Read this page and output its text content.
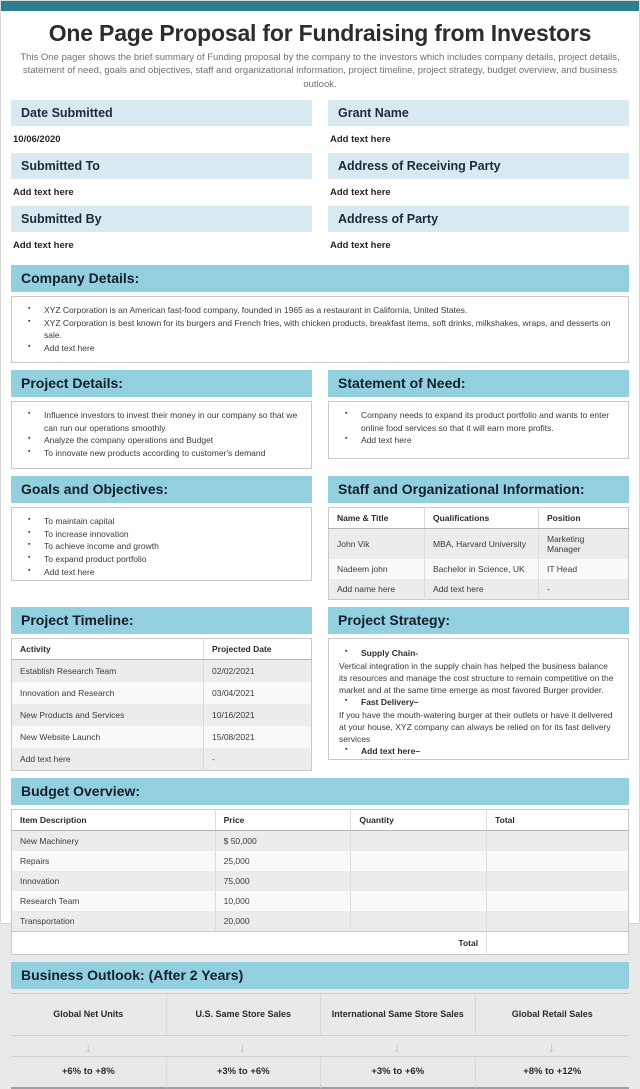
One Page Proposal for Fundraising from Investors
This One pager shows the brief summary of Funding proposal by the company to the investors which includes company details, project details, statement of need, goals and objectives, staff and organizational information, project timeline, project strategy, budget overview, and business outlook.
Date Submitted
10/06/2020
Grant Name
Add text here
Submitted To
Add text here
Address of Receiving Party
Add text here
Submitted By
Add text here
Address of Party
Add text here
Company Details:
▪ XYZ Corporation is an American fast-food company, founded in 1965 as a restaurant in California, United States.
▪ XYZ Corporation is best known for its burgers and French fries, with chicken products, breakfast items, soft drinks, milkshakes, wraps, and desserts on sale.
▪ Add text here
Project Details:
▪ Influence investors to invest their money in our company so that we can run our operations smoothly.
▪ Analyze the company operations and Budget
▪ To innovate new products according to customer's demand
Statement of Need:
▪ Company needs to expand its product portfolio and wants to enter online food services so that it will earn more profits.
▪ Add text here
Goals and Objectives:
▪ To maintain capital
▪ To increase innovation
▪ To achieve income and growth
▪ To expand product portfolio
▪ Add text here
Staff and Organizational Information:
Name & Title	Qualifications	Position
John Vik	MBA, Harvard University	Marketing Manager
Nadeem john	Bachelor in Science, UK	IT Head
Add name here	Add text here	-
Project Timeline:
Activity	Projected Date
Establish Research Team	02/02/2021
Innovation and Research	03/04/2021
New Products and Services	10/16/2021
New Website Launch	15/08/2021
Add text here	-
Project Strategy:
▪ Supply Chain-
Vertical integration in the supply chain has helped the business balance its resources and manage the cost structure to remain competitive on the market and at the same time emerge as most favored Burger provider.
▪ Fast Delivery–
If you have the mouth-watering burger at their outlets or have it delivered at your house, XYZ company can always be relied on for its fast delivery services
▪ Add text here–
Budget Overview:
Item Description	Price	Quantity	Total
New Machinery	$ 50,000		
Repairs	25,000		
Innovation	75,000		
Research Team	10,000		
Transportation	20,000		
Total			
Business Outlook: (After 2 Years)
Global Net Units	U.S. Same Store Sales	International Same Store Sales	Global Retail Sales
↓	↓	↓	↓
+6% to +8%	+3% to +6%	+3% to +6%	+8% to +12%
